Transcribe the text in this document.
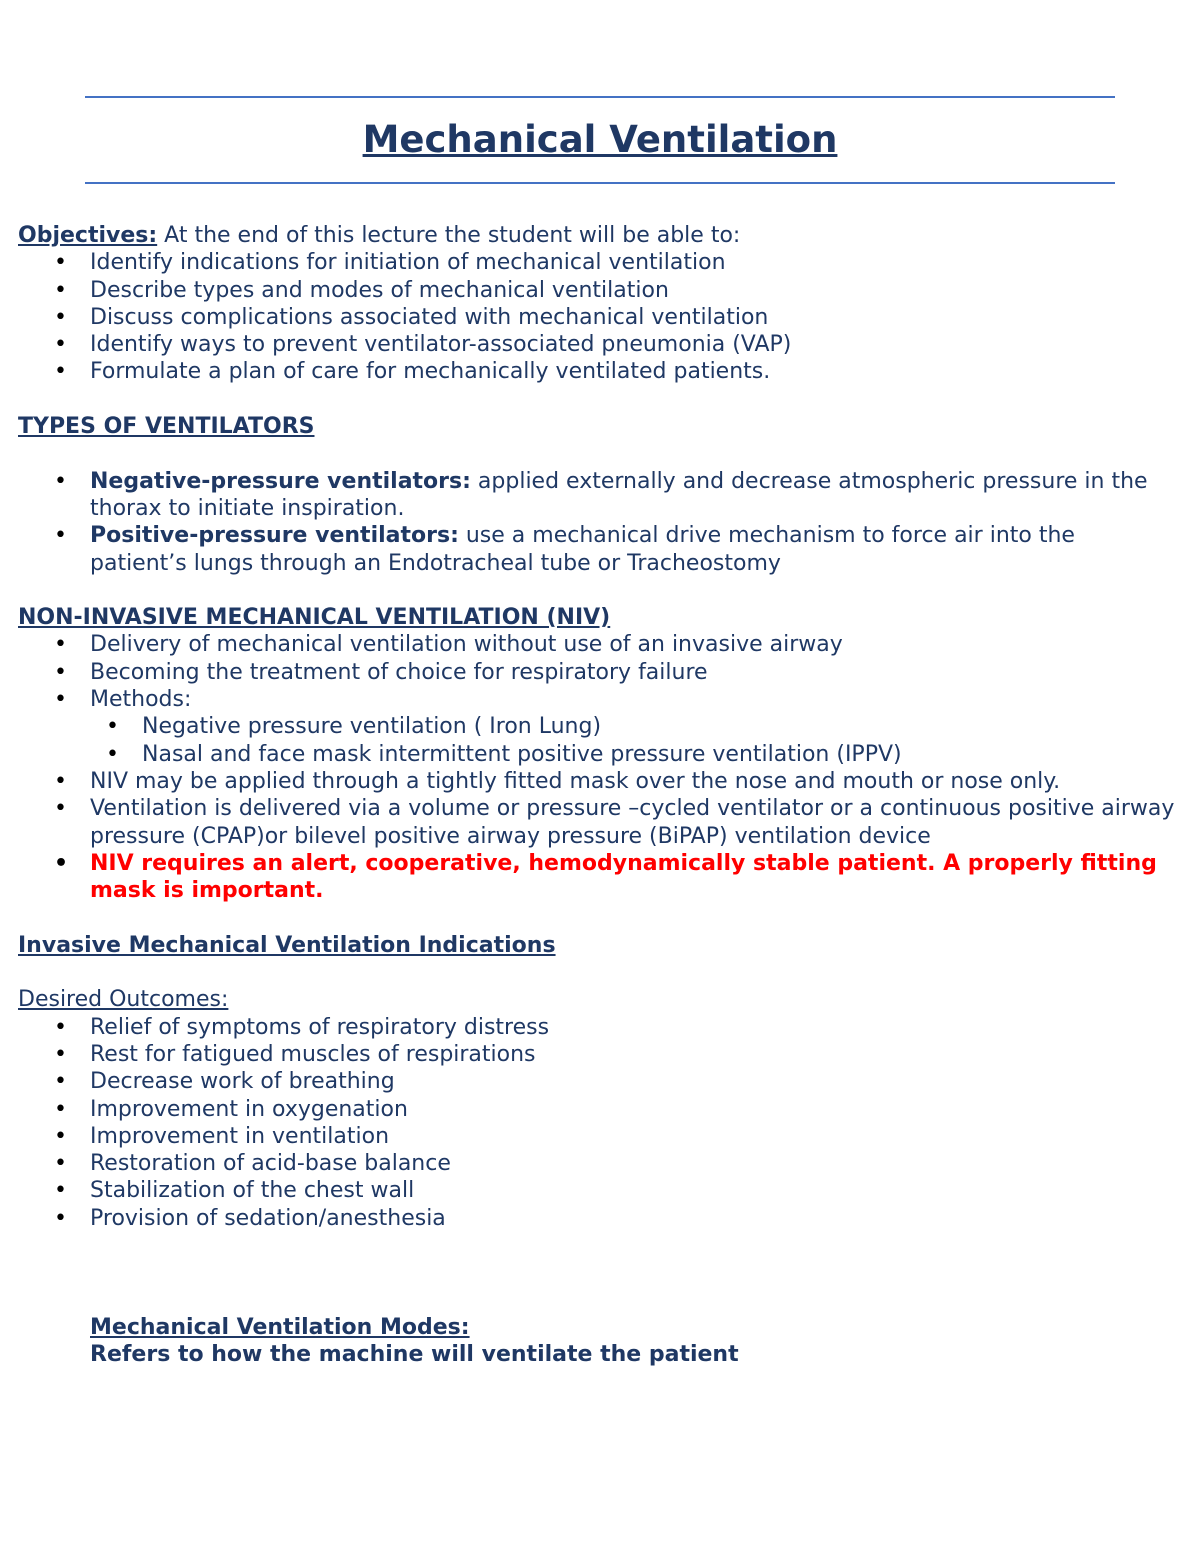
Mechanical Ventilation

Objectives: At the end of this lecture the student will be able to:

• Identify indications for initiation of mechanical ventilation
• Describe types and modes of mechanical ventilation
• Discuss complications associated with mechanical ventilation
• Identify ways to prevent ventilator-associated pneumonia (VAP)
• Formulate a plan of care for mechanically ventilated patients.

TYPES OF VENTILATORS

• Negative-pressure ventilators: applied externally and decrease atmospheric pressure in the thorax to initiate inspiration.
• Positive-pressure ventilators: use a mechanical drive mechanism to force air into the patient’s lungs through an Endotracheal tube or Tracheostomy

NON-INVASIVE MECHANICAL VENTILATION (NIV)

• Delivery of mechanical ventilation without use of an invasive airway
• Becoming the treatment of choice for respiratory failure
• Methods:
• Negative pressure ventilation ( Iron Lung)
• Nasal and face mask intermittent positive pressure ventilation (IPPV)
• NIV may be applied through a tightly fitted mask over the nose and mouth or nose only.
• Ventilation is delivered via a volume or pressure –cycled ventilator or a continuous positive airway pressure (CPAP)or bilevel positive airway pressure (BiPAP) ventilation device
• NIV requires an alert, cooperative, hemodynamically stable patient. A properly fitting mask is important.

Invasive Mechanical Ventilation Indications

Desired Outcomes:

• Relief of symptoms of respiratory distress
• Rest for fatigued muscles of respirations
• Decrease work of breathing
• Improvement in oxygenation
• Improvement in ventilation
• Restoration of acid-base balance
• Stabilization of the chest wall
• Provision of sedation/anesthesia

Mechanical Ventilation Modes:

Refers to how the machine will ventilate the patient
